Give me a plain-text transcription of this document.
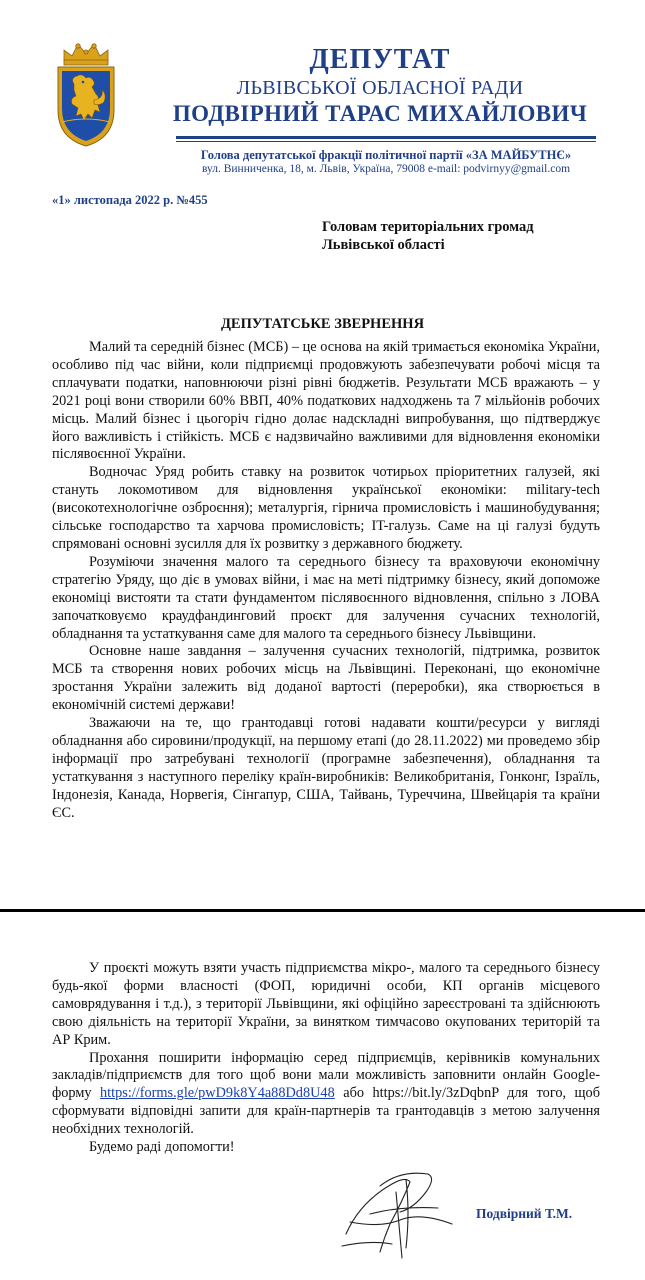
ДЕПУТАТ
ЛЬВІВСЬКОЇ ОБЛАСНОЇ РАДИ
ПОДВІРНИЙ ТАРАС МИХАЙЛОВИЧ
Голова депутатської фракції політичної партії «ЗА МАЙБУТНЄ»
вул. Винниченка, 18, м. Львів, Україна, 79008 e-mail: podvirnyy@gmail.com
«1» листопада 2022 р. №455
Головам територіальних громад
Львівської області
ДЕПУТАТСЬКЕ ЗВЕРНЕННЯ

Малий та середній бізнес (МСБ) – це основа на якій тримається економіка України, особливо під час війни, коли підприємці продовжують забезпечувати робочі місця та сплачувати податки, наповнюючи різні рівні бюджетів. Результати МСБ вражають – у 2021 році вони створили 60% ВВП, 40% податкових надходжень та 7 мільйонів робочих місць. Малий бізнес і цьогоріч гідно долає надскладні випробування, що підтверджує його важливість і стійкість. МСБ є надзвичайно важливими для відновлення економіки післявоєнної України.

Водночас Уряд робить ставку на розвиток чотирьох пріоритетних галузей, які стануть локомотивом для відновлення української економіки: military-tech (високотехнологічне озброєння); металургія, гірнича промисловість і машинобудування; сільське господарство та харчова промисловість; IT-галузь. Саме на ці галузі будуть спрямовані основні зусилля для їх розвитку з державного бюджету.

Розуміючи значення малого та середнього бізнесу та враховуючи економічну стратегію Уряду, що діє в умовах війни, і має на меті підтримку бізнесу, який допоможе економіці вистояти та стати фундаментом післявоєнного відновлення, спільно з ЛОВА започатковуємо краудфандинговий проєкт для залучення сучасних технологій, обладнання та устаткування саме для малого та середнього бізнесу Львівщини.

Основне наше завдання – залучення сучасних технологій, підтримка, розвиток МСБ та створення нових робочих місць на Львівщині. Переконані, що економічне зростання України залежить від доданої вартості (переробки), яка створюється в економічній системі держави!

Зважаючи на те, що грантодавці готові надавати кошти/ресурси у вигляді обладнання або сировини/продукції, на першому етапі (до 28.11.2022) ми проведемо збір інформації про затребувані технології (програмне забезпечення), обладнання та устаткування з наступного переліку країн-виробників: Великобританія, Гонконг, Ізраїль, Індонезія, Канада, Норвегія, Сінгапур, США, Тайвань, Туреччина, Швейцарія та країни ЄС.

У проєкті можуть взяти участь підприємства мікро-, малого та середнього бізнесу будь-якої форми власності (ФОП, юридичні особи, КП органів місцевого самоврядування і т.д.), з території Львівщини, які офіційно зареєстровані та здійснюють свою діяльність на території України, за винятком тимчасово окупованих територій та АР Крим.

Прохання поширити інформацію серед підприємців, керівників комунальних закладів/підприємств для того щоб вони мали можливість заповнити онлайн Google-форму https://forms.gle/pwD9k8Y4a88Dd8U48 або https://bit.ly/3zDqbnP для того, щоб сформувати відповідні запити для країн-партнерів та грантодавців з метою залучення необхідних технологій.

Будемо раді допомогти!

Подвірний Т.М.
